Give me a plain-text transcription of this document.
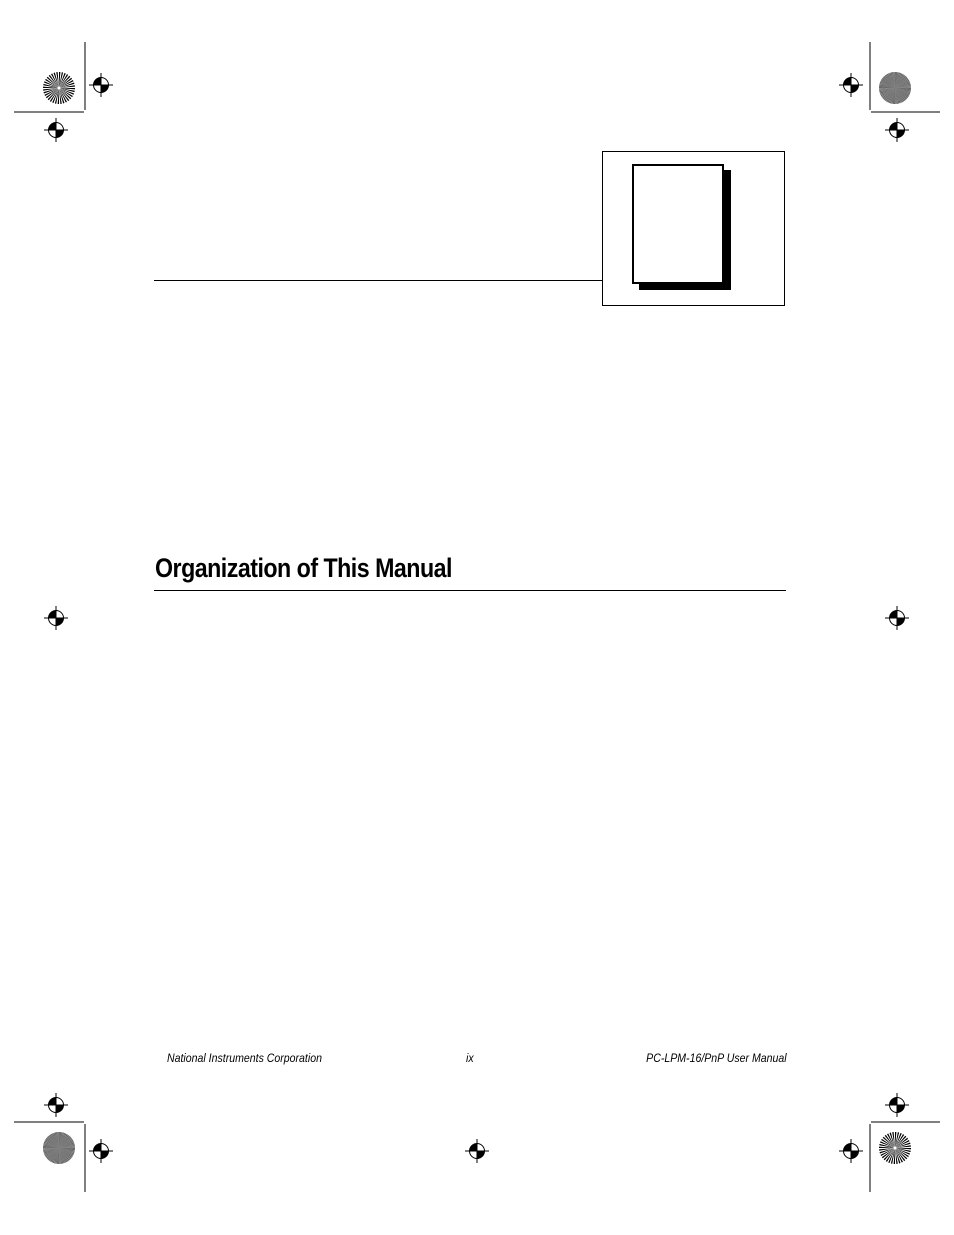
Organization of This Manual
National Instruments Corporation	ix	PC-LPM-16/PnP User Manual
